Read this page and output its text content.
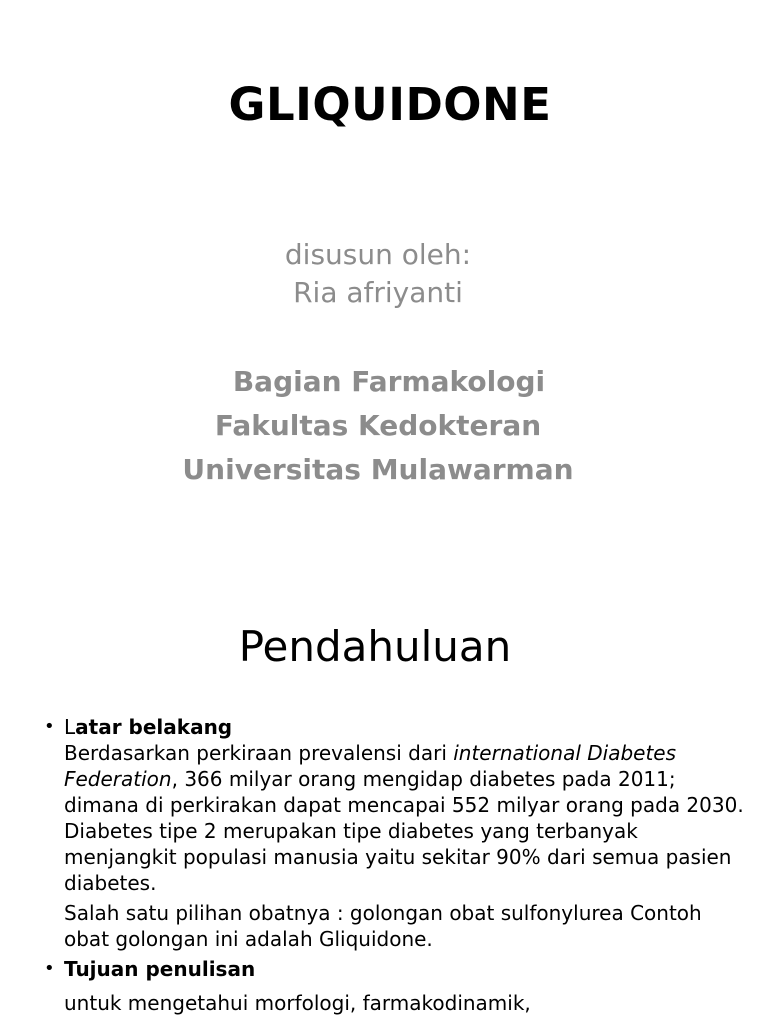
GLIQUIDONE
disusun oleh:
Ria afriyanti
Bagian Farmakologi
Fakultas Kedokteran
Universitas Mulawarman
Pendahuluan
• Latar belakang
Berdasarkan perkiraan prevalensi dari international Diabetes Federation, 366 milyar orang mengidap diabetes pada 2011; dimana di perkirakan dapat mencapai 552 milyar orang pada 2030. Diabetes tipe 2 merupakan tipe diabetes yang terbanyak menjangkit populasi manusia yaitu sekitar 90% dari semua pasien diabetes.
Salah satu pilihan obatnya : golongan obat sulfonylurea Contoh obat golongan ini adalah Gliquidone.
• Tujuan penulisan
untuk mengetahui morfologi, farmakodinamik,
